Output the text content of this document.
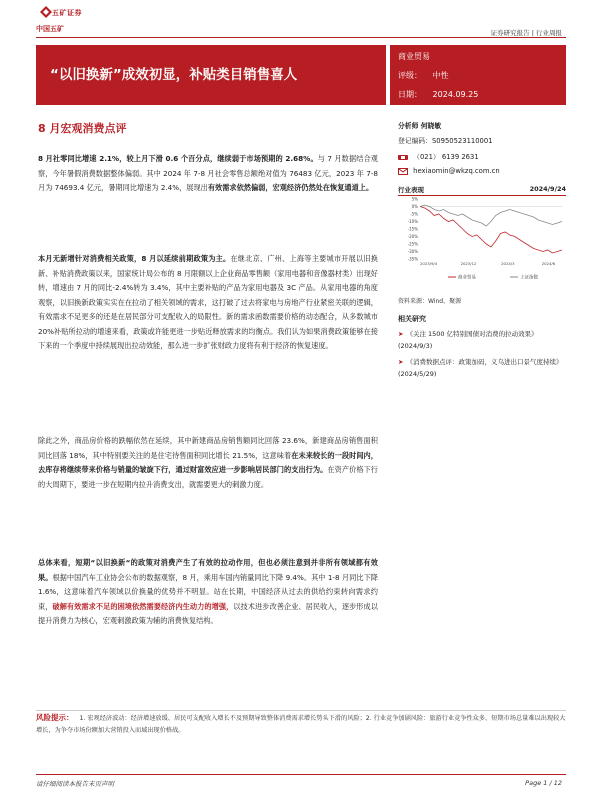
五矿证券
中国五矿	证券研究报告 | 行业周报
“以旧换新”成效初显，补贴类目销售喜人
商业贸易
评级： 中性
日期： 2024.09.25
8 月宏观消费点评
8 月社零同比增速 2.1%，较上月下滑 0.6 个百分点，继续弱于市场预期的 2.68%。与 7 月数据结合观察，今年暑假消费数据整体偏弱。其中 2024 年 7-8 月社会零售总额绝对值为 76483 亿元，2023 年 7-8 月为 74693.4 亿元，暑期同比增速为 2.4%，展现出有效需求依然偏弱，宏观经济仍然处在恢复通道上。
本月无新增针对消费相关政策，8 月以延续前期政策为主。在继北京、广州、上海等主要城市开展以旧换新、补贴消费政策以来，国家统计局公布的 8 月限额以上企业商品零售额（家用电器和音像器材类）出现好转，增速由 7 月的同比-2.4%转为 3.4%，其中主要补贴的产品为家用电器及 3C 产品。从家用电器的角度观察，以旧换新政策实实在在拉动了相关领域的需求，这打破了过去将家电与房地产行业紧密关联的逻辑，有效需求不足更多的还是在居民部分可支配收入的局限性。新的需求函数需要价格的动态配合，从多数城市 20%补贴所拉动的增速来看，政策或许能更进一步贴近释放需求的均衡点。我们认为如果消费政策能够在接下来的一个季度中持续展现出拉动效能，那么进一步扩张财政力度将有利于经济的恢复速度。
除此之外，商品房价格的跌幅依然在延续，其中新建商品房销售额同比回落 23.6%，新建商品房销售面积同比回落 18%，其中特别要关注的是住宅待售面积同比增长 21.5%，这意味着在未来较长的一段时间内，去库存将继续带来价格与销量的皱旋下行，通过财富效应进一步影响居民部门的支出行为。在资产价格下行的大周期下，要进一步在短期内拉升消费支出，就需要更大的刺激力度。
总体来看，短期“以旧换新“的政策对消费产生了有效的拉动作用，但也必须注意到并非所有领域都有效果。根据中国汽车工业协会公布的数据观察，8 月，乘用车国内销量同比下降 9.4%。其中 1-8 月同比下降 1.6%，这意味着汽车领域以价换量的优势并不明显。站在长期，中国经济从过去的供给约束转向需求约束，破解有效需求不足的困境依然需要经济内生动力的增强，以技术进步改善企业、居民收入，逐步形成以提升消费力为核心，宏观刺激政策为辅的消费恢复结构。
分析师 何晓敏
登记编码：S0950523110001
（021） 6139 2631
hexiaomin@wkzq.com.cn
行业表现	2024/9/24
5%
0%
-5%
-10%
-15%
-20%
-25%
-30%
-35%
2023/9/4	2023/12	2024/3	2024/6
商业贸易	上证指数
资料来源：Wind，聚源
相关研究
➤ 《关注 1500 亿特别国债对消费的拉动效果》(2024/9/3)
➤ 《消费数据点评：政策加码，义乌进出口景气度持续》(2024/5/29)
风险提示： 1. 宏观经济波动：经济增速放缓、居民可支配收入增长不及预期导致整体消费需求增长势头下滑的风险；2. 行业竞争加剧风险：旅游行业竞争性众多、短期市场总量难以出现较大增长，为争夺市场份额加大营销投入而域出现价格战。
请仔细阅读本报告末页声明	Page 1 / 12
